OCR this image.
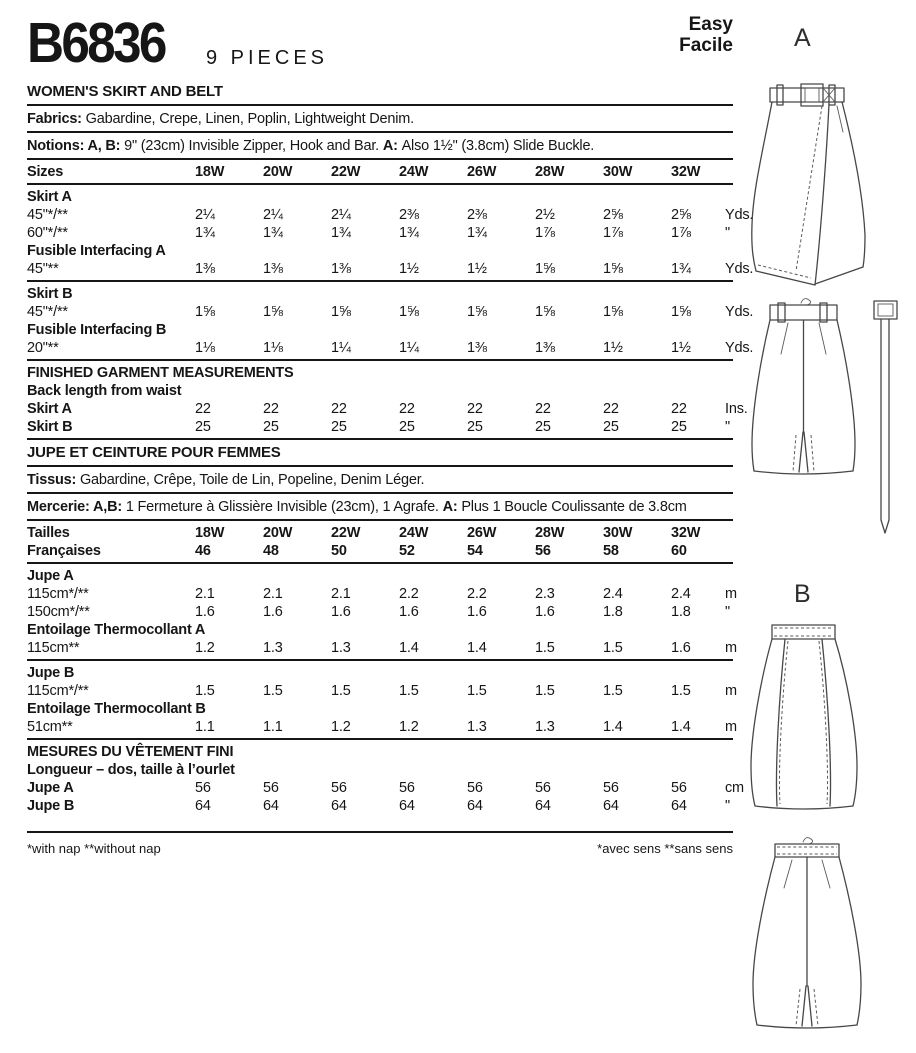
B6836 9 PIECES
Easy
Facile
WOMEN'S SKIRT AND BELT
Fabrics: Gabardine, Crepe, Linen, Poplin, Lightweight Denim.
Notions: A, B: 9" (23cm) Invisible Zipper, Hook and Bar. A: Also 1½" (3.8cm) Slide Buckle.
Sizes	18W	20W	22W	24W	26W	28W	30W	32W
Skirt A
45"*/**	2¼	2¼	2¼	2⅜	2⅜	2½	2⅝	2⅝	Yds.
60"*/**	1¾	1¾	1¾	1¾	1¾	1⅞	1⅞	1⅞	"
Fusible Interfacing A
45"**	1⅜	1⅜	1⅜	1½	1½	1⅝	1⅝	1¾	Yds.
Skirt B
45"*/**	1⅝	1⅝	1⅝	1⅝	1⅝	1⅝	1⅝	1⅝	Yds.
Fusible Interfacing B
20"**	1⅛	1⅛	1¼	1¼	1⅜	1⅜	1½	1½	Yds.
FINISHED GARMENT MEASUREMENTS
Back length from waist
Skirt A	22	22	22	22	22	22	22	22	Ins.
Skirt B	25	25	25	25	25	25	25	25	"
JUPE ET CEINTURE POUR FEMMES
Tissus: Gabardine, Crêpe, Toile de Lin, Popeline, Denim Léger.
Mercerie: A,B: 1 Fermeture à Glissière Invisible (23cm), 1 Agrafe. A: Plus 1 Boucle Coulissante de 3.8cm
Tailles	18W	20W	22W	24W	26W	28W	30W	32W
Françaises	46	48	50	52	54	56	58	60
Jupe A
115cm*/**	2.1	2.1	2.1	2.2	2.2	2.3	2.4	2.4	m
150cm*/**	1.6	1.6	1.6	1.6	1.6	1.6	1.8	1.8	"
Entoilage Thermocollant A
115cm**	1.2	1.3	1.3	1.4	1.4	1.5	1.5	1.6	m
Jupe B
115cm*/**	1.5	1.5	1.5	1.5	1.5	1.5	1.5	1.5	m
Entoilage Thermocollant B
51cm**	1.1	1.1	1.2	1.2	1.3	1.3	1.4	1.4	m
MESURES DU VÊTEMENT FINI
Longueur – dos, taille à l’ourlet
Jupe A	56	56	56	56	56	56	56	56	cm
Jupe B	64	64	64	64	64	64	64	64	"
*with nap **without nap	*avec sens **sans sens
A
B
